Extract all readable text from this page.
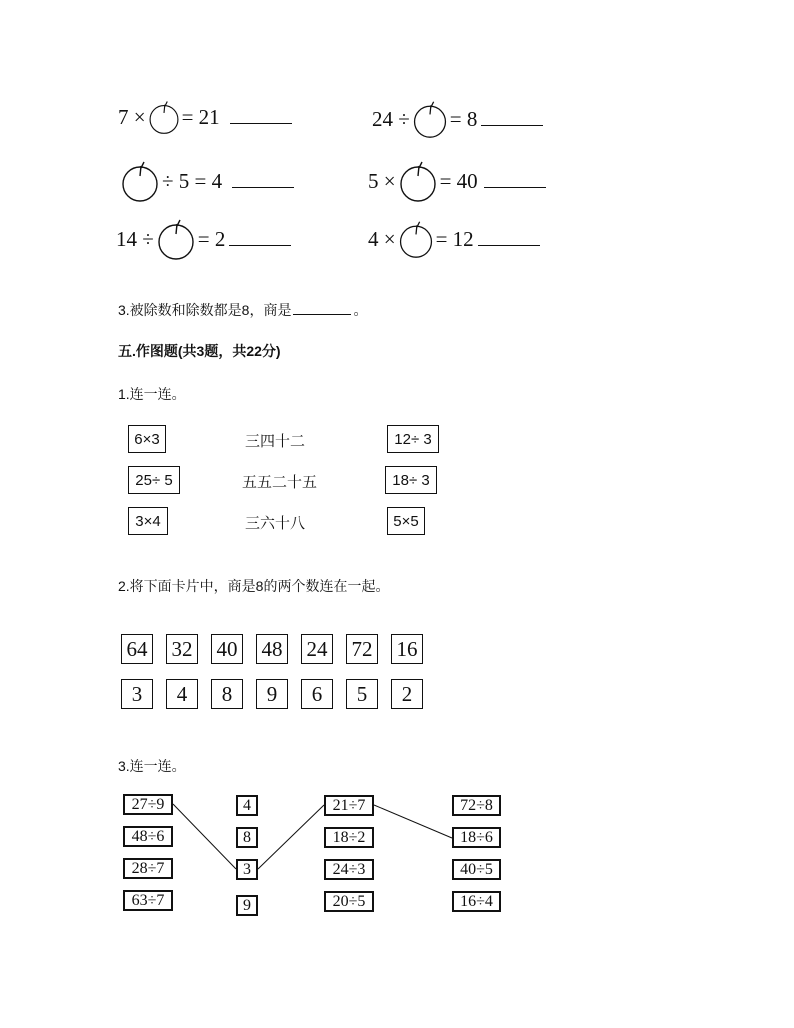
7 × = 21	24 ÷ = 8
÷ 5 = 4	5 × = 40
14 ÷ = 2	4 × = 12
3.被除数和除数都是8，商是	。
五.作图题(共3题，共22分)
1.连一连。
6×3
25÷ 5
3×4
三四十二
五五二十五
三六十八
12÷ 3
18÷ 3
5×5
2.将下面卡片中，商是8的两个数连在一起。
64 32 40 48 24 72 16
3	4	8	9	6	5	2
3.连一连。
27÷9
48÷6
28÷7
63÷7
4
8
3
9
21÷7
18÷2
24÷3
20÷5
72÷8
18÷6
40÷5
16÷4
